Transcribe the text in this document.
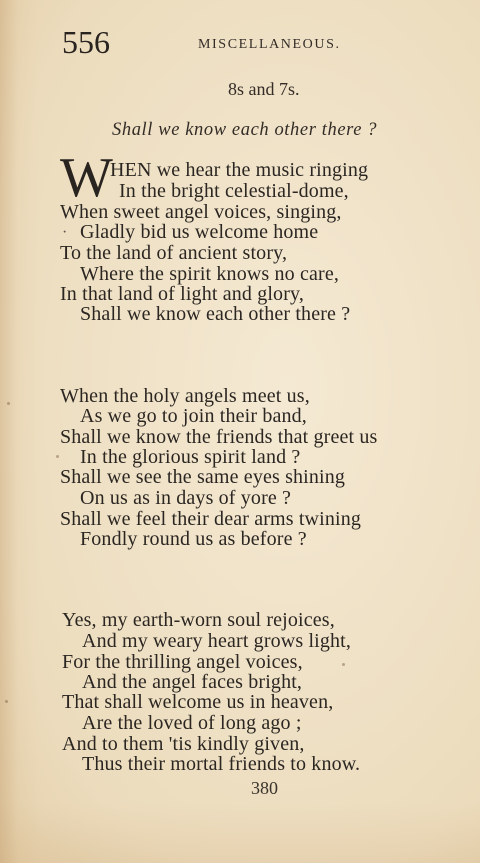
556	MISCELLANEOUS.
8s and 7s.
Shall we know each other there ?
W
HEN we hear the music ringing
In the bright celestial-dome,
When sweet angel voices, singing,
· Gladly bid us welcome home
To the land of ancient story,
Where the spirit knows no care,
In that land of light and glory,
Shall we know each other there ?
When the holy angels meet us,
As we go to join their band,
Shall we know the friends that greet us
In the glorious spirit land ?
Shall we see the same eyes shining
On us as in days of yore ?
Shall we feel their dear arms twining
Fondly round us as before ?
Yes, my earth-worn soul rejoices,
And my weary heart grows light,
For the thrilling angel voices,
And the angel faces bright,
That shall welcome us in heaven,
Are the loved of long ago ;
And to them 'tis kindly given,
Thus their mortal friends to know.
380
